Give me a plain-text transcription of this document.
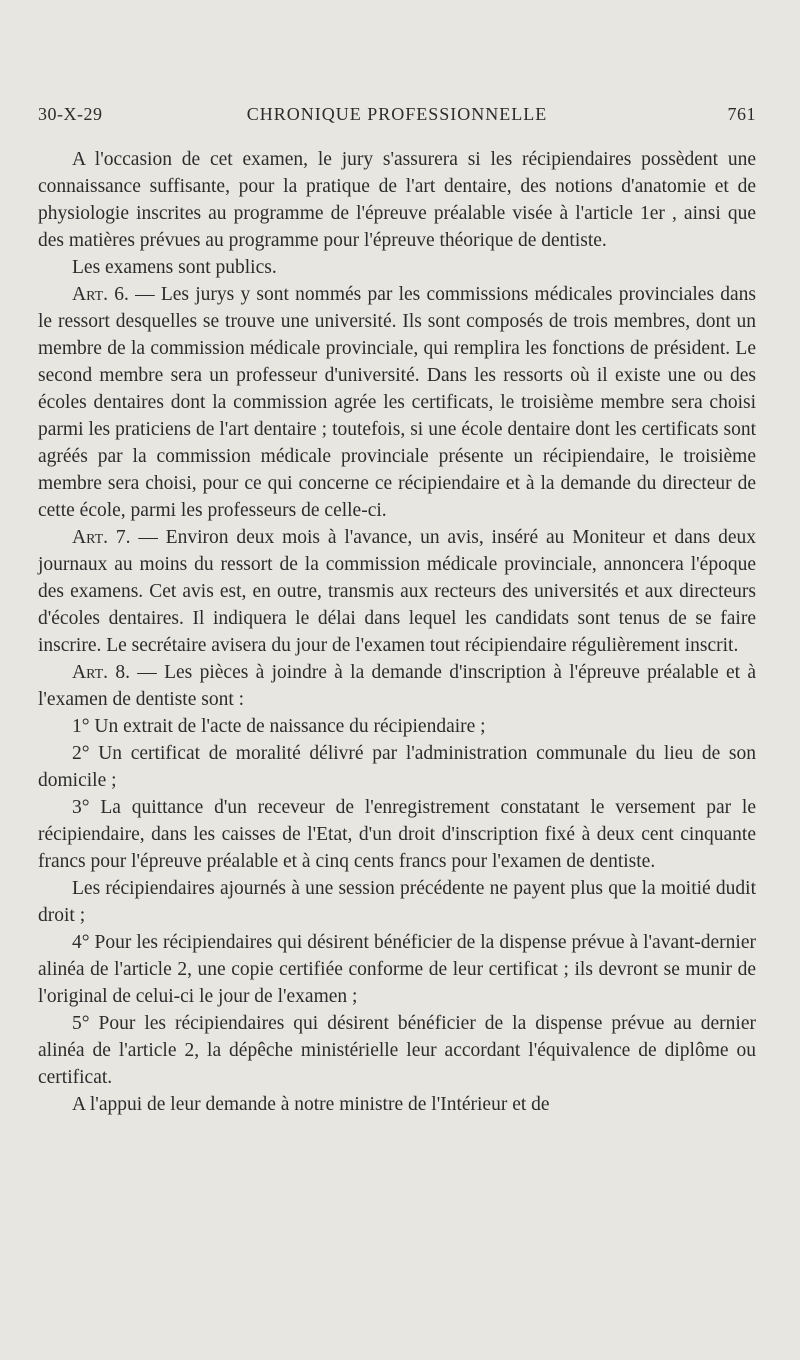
30-X-29	CHRONIQUE PROFESSIONNELLE	761

A l'occasion de cet examen, le jury s'assurera si les récipiendaires possèdent une connaissance suffisante, pour la pratique de l'art dentaire, des notions d'anatomie et de physiologie inscrites au programme de l'épreuve préalable visée à l'article 1er , ainsi que des matières prévues au programme pour l'épreuve théorique de dentiste.

Les examens sont publics.

Art. 6. — Les jurys y sont nommés par les commissions médicales provinciales dans le ressort desquelles se trouve une université. Ils sont composés de trois membres, dont un membre de la commission médicale provinciale, qui remplira les fonctions de président. Le second membre sera un professeur d'université. Dans les ressorts où il existe une ou des écoles dentaires dont la commission agrée les certificats, le troisième membre sera choisi parmi les praticiens de l'art dentaire ; toutefois, si une école dentaire dont les certificats sont agréés par la commission médicale provinciale présente un récipiendaire, le troisième membre sera choisi, pour ce qui concerne ce récipiendaire et à la demande du directeur de cette école, parmi les professeurs de celle-ci.

Art. 7. — Environ deux mois à l'avance, un avis, inséré au Moniteur et dans deux journaux au moins du ressort de la commission médicale provinciale, annoncera l'époque des examens. Cet avis est, en outre, transmis aux recteurs des universités et aux directeurs d'écoles dentaires. Il indiquera le délai dans lequel les candidats sont tenus de se faire inscrire. Le secrétaire avisera du jour de l'examen tout récipiendaire régulièrement inscrit.

Art. 8. — Les pièces à joindre à la demande d'inscription à l'épreuve préalable et à l'examen de dentiste sont :

1° Un extrait de l'acte de naissance du récipiendaire ;

2° Un certificat de moralité délivré par l'administration communale du lieu de son domicile ;

3° La quittance d'un receveur de l'enregistrement constatant le versement par le récipiendaire, dans les caisses de l'Etat, d'un droit d'inscription fixé à deux cent cinquante francs pour l'épreuve préalable et à cinq cents francs pour l'examen de dentiste.

Les récipiendaires ajournés à une session précédente ne payent plus que la moitié dudit droit ;

4° Pour les récipiendaires qui désirent bénéficier de la dispense prévue à l'avant-dernier alinéa de l'article 2, une copie certifiée conforme de leur certificat ; ils devront se munir de l'original de celui-ci le jour de l'examen ;

5° Pour les récipiendaires qui désirent bénéficier de la dispense prévue au dernier alinéa de l'article 2, la dépêche ministérielle leur accordant l'équivalence de diplôme ou certificat.

A l'appui de leur demande à notre ministre de l'Intérieur et de
